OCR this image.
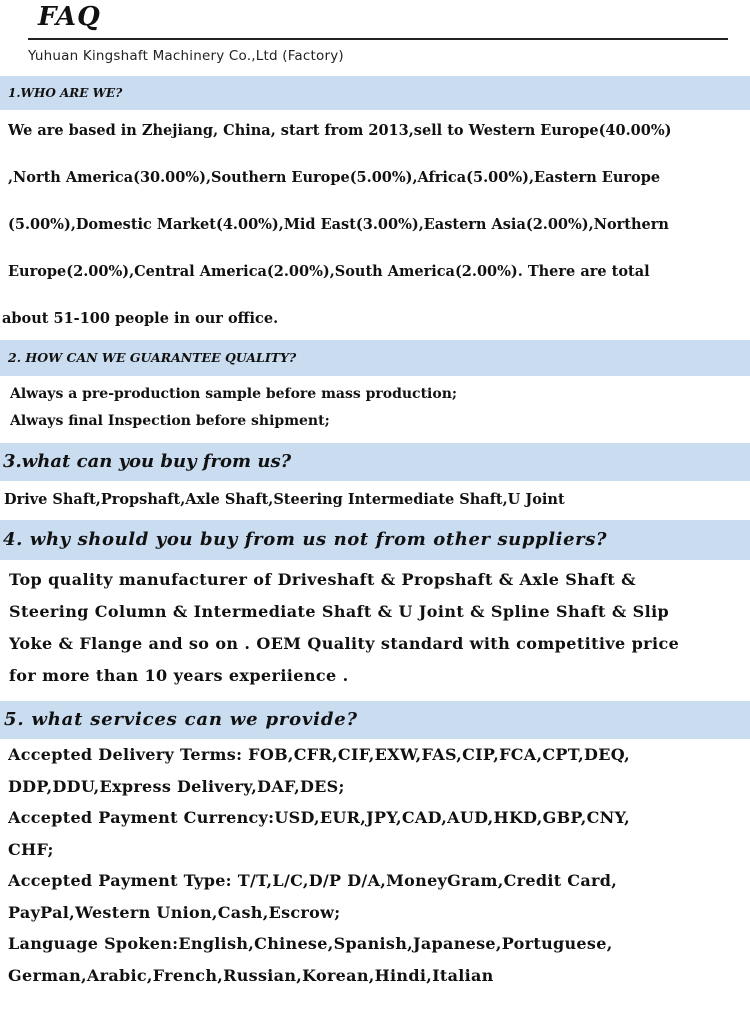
FAQ
Yuhuan Kingshaft Machinery Co.,Ltd (Factory)
1.WHO ARE WE?
We are based in Zhejiang, China, start from 2013,sell to Western Europe(40.00%)
,North America(30.00%),Southern Europe(5.00%),Africa(5.00%),Eastern Europe
(5.00%),Domestic Market(4.00%),Mid East(3.00%),Eastern Asia(2.00%),Northern
Europe(2.00%),Central America(2.00%),South America(2.00%). There are total
about 51-100 people in our office.
2. HOW CAN WE GUARANTEE QUALITY?
Always a pre-production sample before mass production;
Always final Inspection before shipment;
3.what can you buy from us?
Drive Shaft,Propshaft,Axle Shaft,Steering Intermediate Shaft,U Joint
4. why should you buy from us not from other suppliers?
Top quality manufacturer of Driveshaft & Propshaft & Axle Shaft &
Steering Column & Intermediate Shaft & U Joint & Spline Shaft & Slip
Yoke & Flange and so on . OEM Quality standard with competitive price
for more than 10 years experiience .
5. what services can we provide?
Accepted Delivery Terms: FOB,CFR,CIF,EXW,FAS,CIP,FCA,CPT,DEQ,
DDP,DDU,Express Delivery,DAF,DES;
Accepted Payment Currency:USD,EUR,JPY,CAD,AUD,HKD,GBP,CNY,
CHF;
Accepted Payment Type: T/T,L/C,D/P D/A,MoneyGram,Credit Card,
PayPal,Western Union,Cash,Escrow;
Language Spoken:English,Chinese,Spanish,Japanese,Portuguese,
German,Arabic,French,Russian,Korean,Hindi,Italian
